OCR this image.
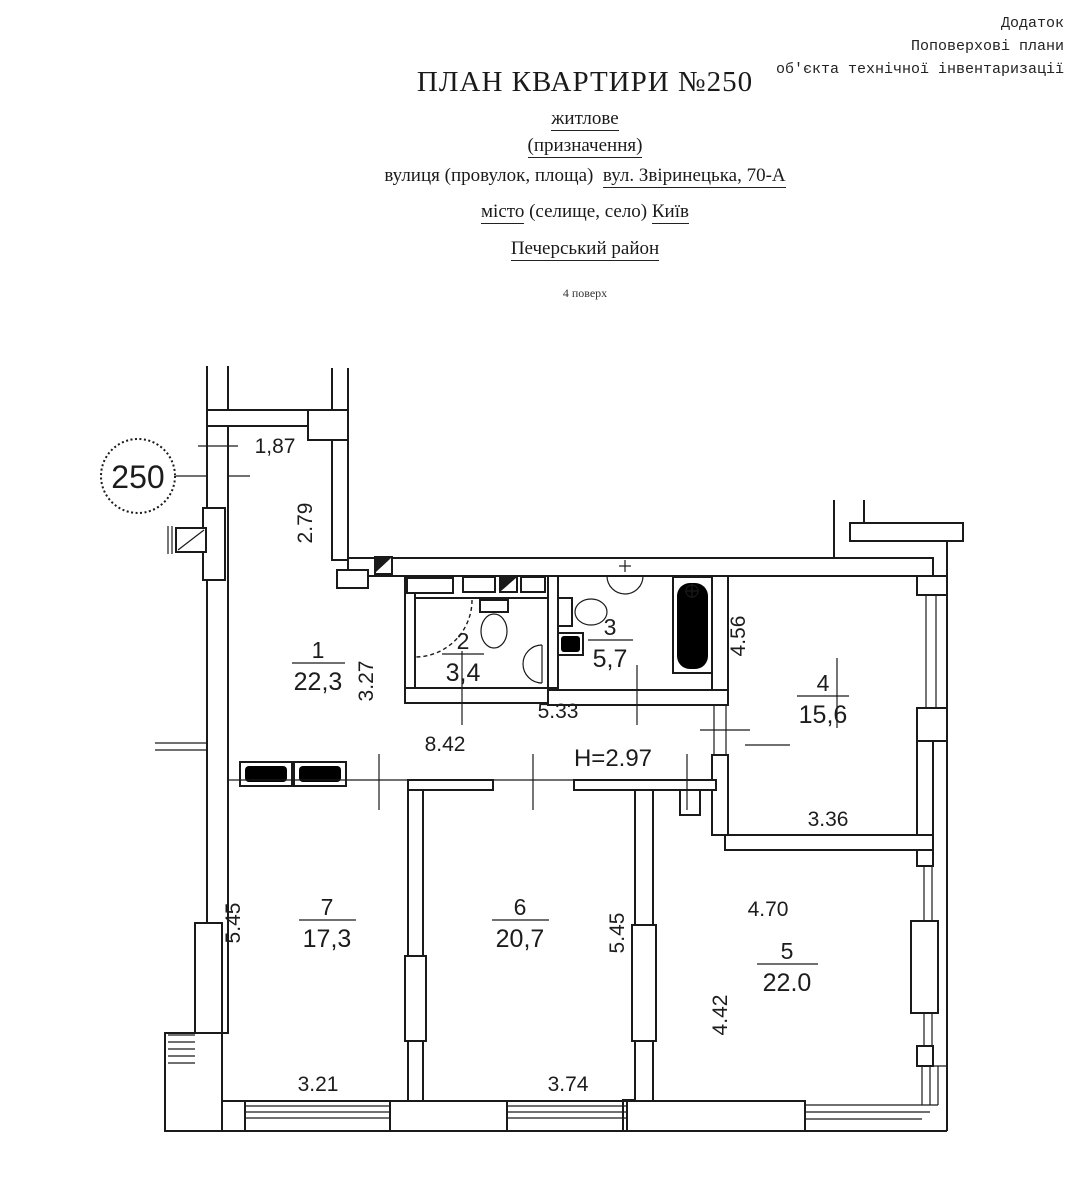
Додаток
Поповерхові плани
об'єкта технічної інвентаризації
ПЛАН КВАРТИРИ №250
житлове
(призначення)
вулиця (провулок, площа) вул. Звіринецька, 70-А
місто (селище, село) Київ
Печерський район
4 поверх
250
1
22,3
2
3,4
3
5,7
4
15,6
5
22.0
6
20,7
7
17,3
1,87
2.79
3.27
5.33
8.42
Н=2.97
4.56
3.36
5.45	5.45
4.70
4.42
3.21	3.74
